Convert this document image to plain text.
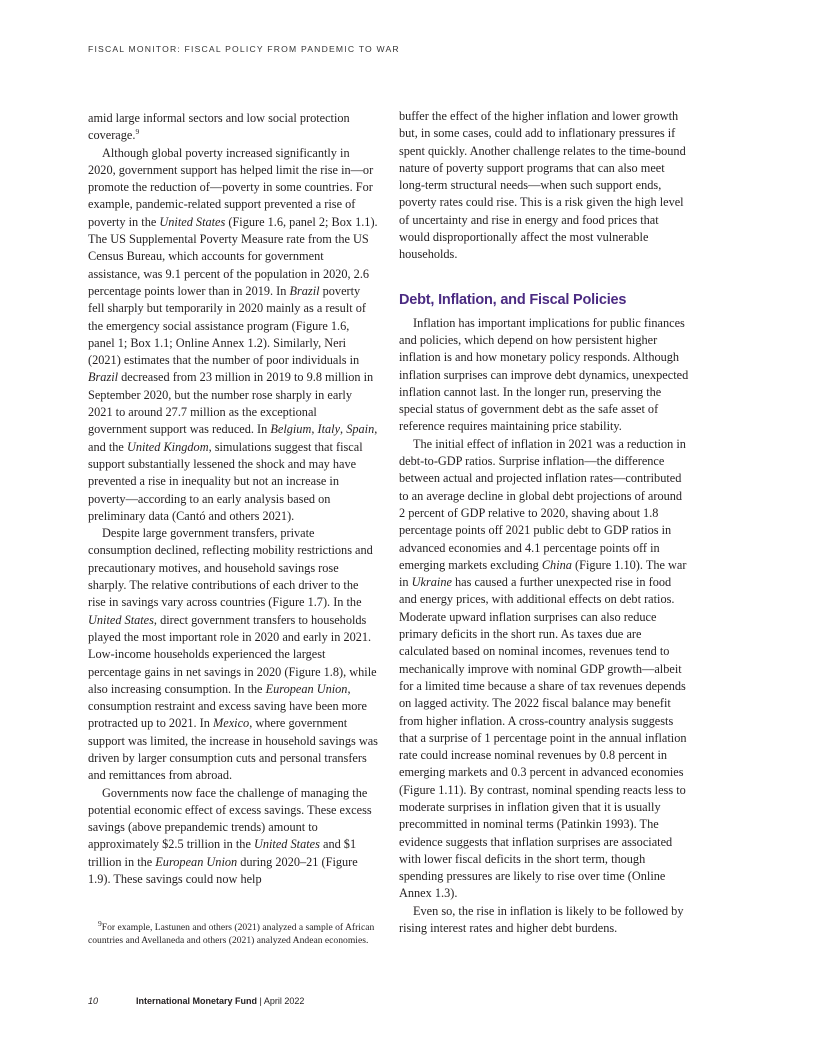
FISCAL MONITOR: FISCAL POLICY FROM PANDEMIC TO WAR

amid large informal sectors and low social protection coverage.$^9$

Although global poverty increased significantly in 2020, government support has helped limit the rise in—or promote the reduction of—poverty in some countries. For example, pandemic-related support prevented a rise of poverty in the United States (Figure 1.6, panel 2; Box 1.1). The US Supplemental Poverty Measure rate from the US Census Bureau, which accounts for government assistance, was 9.1 percent of the population in 2020, 2.6 percentage points lower than in 2019. In Brazil poverty fell sharply but temporarily in 2020 mainly as a result of the emergency social assistance program (Figure 1.6, panel 1; Box 1.1; Online Annex 1.2). Similarly, Neri (2021) estimates that the number of poor individuals in Brazil decreased from 23 million in 2019 to 9.8 million in September 2020, but the number rose sharply in early 2021 to around 27.7 million as the exceptional government support was reduced. In Belgium, Italy, Spain, and the United Kingdom, simulations suggest that fiscal support substantially lessened the shock and may have prevented a rise in inequality but not an increase in poverty—according to an early analysis based on preliminary data (Cantó and others 2021).

Despite large government transfers, private consumption declined, reflecting mobility restrictions and precautionary motives, and household savings rose sharply. The relative contributions of each driver to the rise in savings vary across countries (Figure 1.7). In the United States, direct government transfers to households played the most important role in 2020 and early in 2021. Low-income households experienced the largest percentage gains in net savings in 2020 (Figure 1.8), while also increasing consumption. In the European Union, consumption restraint and excess saving have been more protracted up to 2021. In Mexico, where government support was limited, the increase in household savings was driven by larger consumption cuts and personal transfers and remittances from abroad.

Governments now face the challenge of managing the potential economic effect of excess savings. These excess savings (above prepandemic trends) amount to approximately $2.5 trillion in the United States and $1 trillion in the European Union during 2020–21 (Figure 1.9). These savings could now help

buffer the effect of the higher inflation and lower growth but, in some cases, could add to inflationary pressures if spent quickly. Another challenge relates to the time-bound nature of poverty support programs that can also meet long-term structural needs—when such support ends, poverty rates could rise. This is a risk given the high level of uncertainty and rise in energy and food prices that would disproportionally affect the most vulnerable households.

Debt, Inflation, and Fiscal Policies

Inflation has important implications for public finances and policies, which depend on how persistent higher inflation is and how monetary policy responds. Although inflation surprises can improve debt dynamics, unexpected inflation cannot last. In the longer run, preserving the special status of government debt as the safe asset of reference requires maintaining price stability.

The initial effect of inflation in 2021 was a reduction in debt-to-GDP ratios. Surprise inflation—the difference between actual and projected inflation rates—contributed to an average decline in global debt projections of around 2 percent of GDP relative to 2020, shaving about 1.8 percentage points off 2021 public debt to GDP ratios in advanced economies and 4.1 percentage points off in emerging markets excluding China (Figure 1.10). The war in Ukraine has caused a further unexpected rise in food and energy prices, with additional effects on debt ratios. Moderate upward inflation surprises can also reduce primary deficits in the short run. As taxes due are calculated based on nominal incomes, revenues tend to mechanically improve with nominal GDP growth—albeit for a limited time because a share of tax revenues depends on lagged activity. The 2022 fiscal balance may benefit from higher inflation. A cross-country analysis suggests that a surprise of 1 percentage point in the annual inflation rate could increase nominal revenues by 0.8 percent in emerging markets and 0.3 percent in advanced economies (Figure 1.11). By contrast, nominal spending reacts less to moderate surprises in inflation given that it is usually precommitted in nominal terms (Patinkin 1993). The evidence suggests that inflation surprises are associated with lower fiscal deficits in the short term, though spending pressures are likely to rise over time (Online Annex 1.3).

Even so, the rise in inflation is likely to be followed by rising interest rates and higher debt burdens.

$^9$For example, Lastunen and others (2021) analyzed a sample of African countries and Avellaneda and others (2021) analyzed Andean economies.

10	International Monetary Fund | April 2022
